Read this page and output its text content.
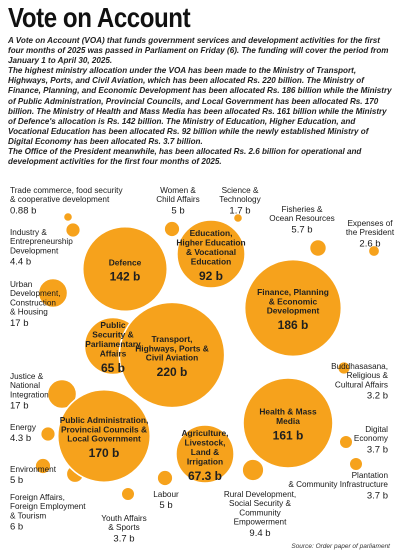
Vote on Account

A Vote on Account (VOA) that funds government services and development activities for the first four months of 2025 was passed in Parliament on Friday (6). The funding will cover the period from January 1 to April 30, 2025.

The highest ministry allocation under the VOA has been made to the Ministry of Transport, Highways, Ports, and Civil Aviation, which has been allocated Rs. 220 billion. The Ministry of Finance, Planning, and Economic Development has been allocated Rs. 186 billion while the Ministry of Public Administration, Provincial Councils, and Local Government has been allocated Rs. 170 billion. The Ministry of Health and Mass Media has been allocated Rs. 161 billion while the Ministry of Defence's allocation is Rs. 142 billion. The Ministry of Education, Higher Education, and Vocational Education has been allocated Rs. 92 billion while the newly established Ministry of Digital Economy has been allocated Rs. 3.7 billion.

The Office of the President meanwhile, has been allocated Rs. 2.6 billion for operational and development activities for the first four months of 2025.

Transport,
Highways, Ports &
Civil Aviation
220 b
Finance, Planning
& Economic
Development
186 b
Public Administration,
Provincial Councils &
Local Government
170 b
Health & Mass
Media
161 b
Defence
142 b
Education,
Higher Education
& Vocational
Education
92 b
Agriculture,
Livestock,
Land &
Irrigation
67.3 b
Public
Security &
Parliamentary
Affairs
65 b
Trade commerce, food security
& cooperative development
0.88 b
Women &
Child Affairs
5 b
Science &
Technology
1.7 b	Fisheries &
Ocean Resources
5.7 b
Expenses of
the President
2.6 b
Industry &
Entrepreneurship
Development
4.4 b
Urban
Development,
Construction
& Housing
17 b
Buddhasasana,
Religious &
Cultural Affairs
3.2 b
Justice &
National
Integration
17 b
Energy
4.3 b
Digital
Economy
3.7 b
Environment
5 b	Plantation
& Community Infrastructure
3.7 b
Labour
5 b
Rural Development,
Social Security &
Community
Empowerment
9.4 b
Foreign Affairs,
Foreign Employment
& Tourism
6 b
Youth Affairs
& Sports
3.7 b
Source: Order paper of parliament
